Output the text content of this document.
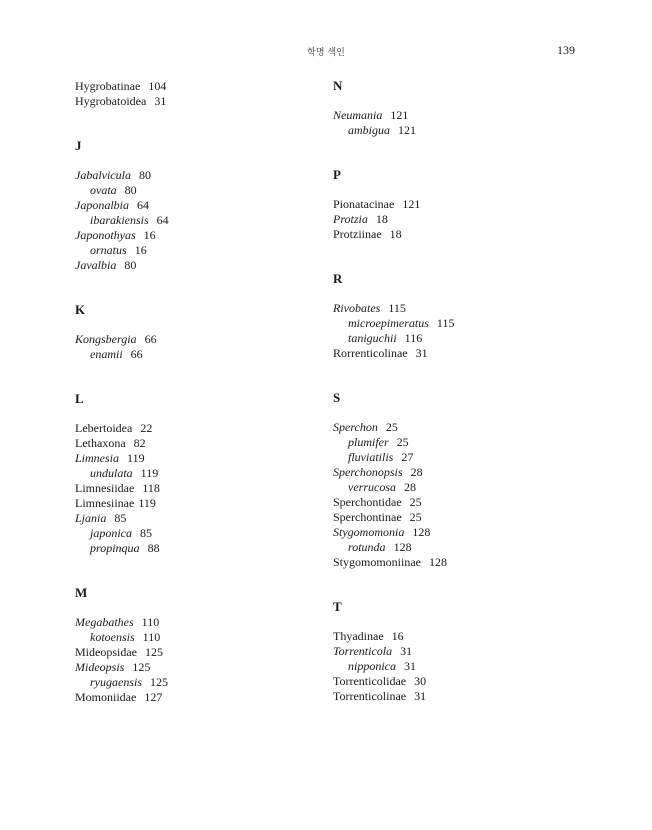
학명 색인	139
Hygrobatinae 104
Hygrobatoidea 31
J
Jabalvicula 80
ovata 80
Japonalbia 64
ibarakiensis 64
Japonothyas 16
ornatus 16
Javalbia 80
K
Kongsbergia 66
enamii 66
L
Lebertoidea 22
Lethaxona 82
Limnesia 119
undulata 119
Limnesiidae 118
Limnesiinae 119
Ljania 85
japonica 85
propinqua 88
M
Megabathes 110
kotoensis 110
Mideopsidae 125
Mideopsis 125
ryugaensis 125
Momoniidae 127
N
Neumania 121
ambigua 121
P
Pionatacinae 121
Protzia 18
Protziinae 18
R
Rivobates 115
microepimeratus 115
taniguchii 116
Rorrenticolinae 31
S
Sperchon 25
plumifer 25
fluviatilis 27
Sperchonopsis 28
verrucosa 28
Sperchontidae 25
Sperchontinae 25
Stygomomonia 128
rotunda 128
Stygomomoniinae 128
T
Thyadinae 16
Torrenticola 31
nipponica 31
Torrenticolidae 30
Torrenticolinae 31
